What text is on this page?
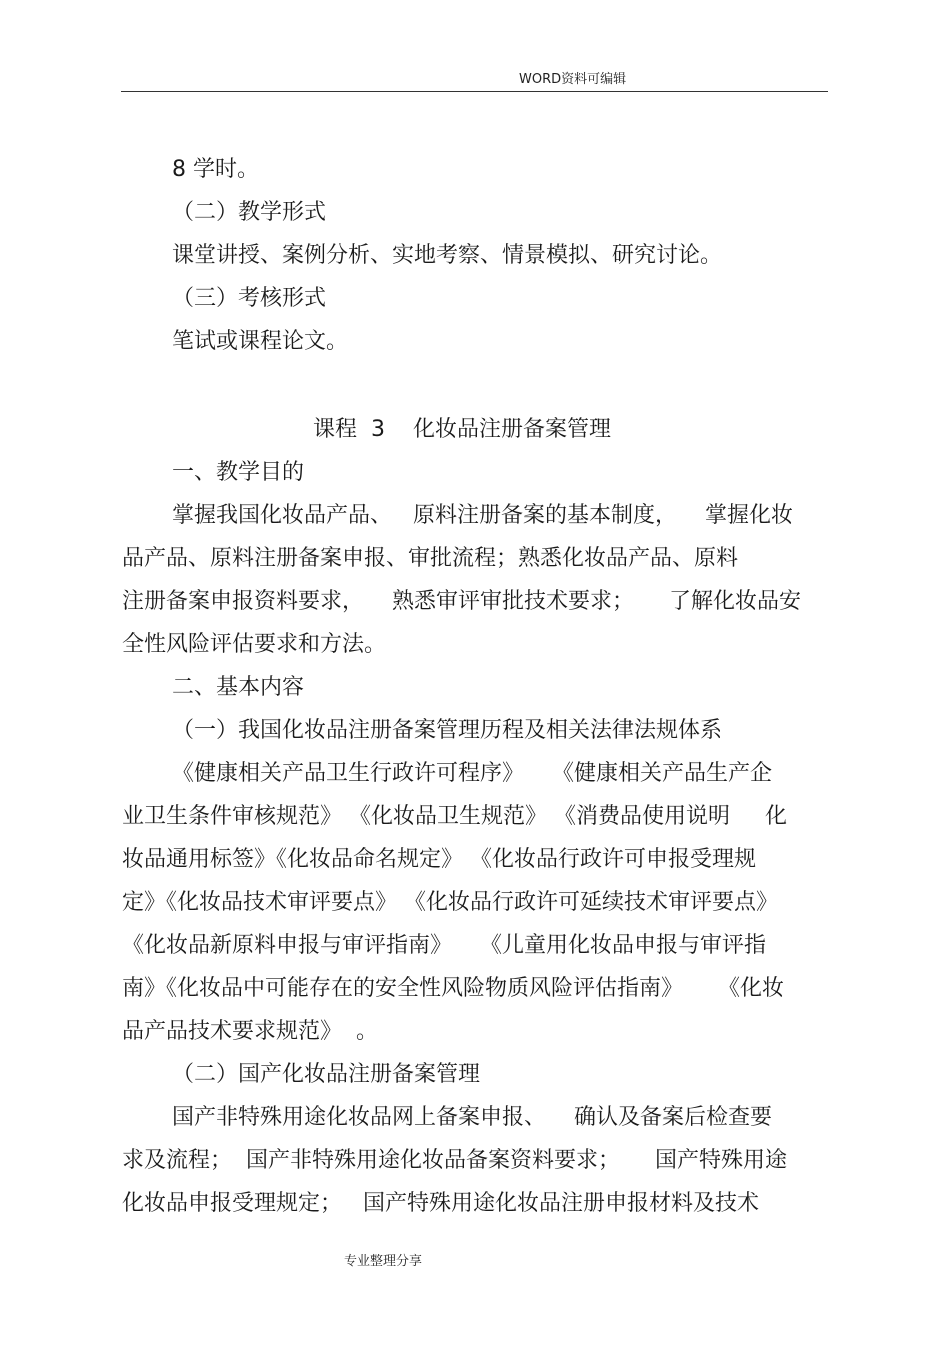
WORD资料可编辑
8 学时。
（二）教学形式
课堂讲授、案例分析、实地考察、情景模拟、研究讨论。
（三）考核形式
笔试或课程论文。
课程  3    化妆品注册备案管理
一、教学目的
掌握我国化妆品产品、   原料注册备案的基本制度，    掌握化妆
品产品、原料注册备案申报、审批流程；熟悉化妆品产品、原料
注册备案申报资料要求，    熟悉审评审批技术要求；     了解化妆品安
全性风险评估要求和方法。
二、基本内容
（一）我国化妆品注册备案管理历程及相关法律法规体系
《健康相关产品卫生行政许可程序》    《健康相关产品生产企
业卫生条件审核规范》 《化妆品卫生规范》 《消费品使用说明     化
妆品通用标签》《化妆品命名规定》 《化妆品行政许可申报受理规
定》《化妆品技术审评要点》 《化妆品行政许可延续技术审评要点》
《化妆品新原料申报与审评指南》    《儿童用化妆品申报与审评指
南》《化妆品中可能存在的安全性风险物质风险评估指南》     《化妆
品产品技术要求规范》  。
（二）国产化妆品注册备案管理
国产非特殊用途化妆品网上备案申报、    确认及备案后检查要
求及流程；  国产非特殊用途化妆品备案资料要求；     国产特殊用途
化妆品申报受理规定；   国产特殊用途化妆品注册申报材料及技术
专业整理分享
